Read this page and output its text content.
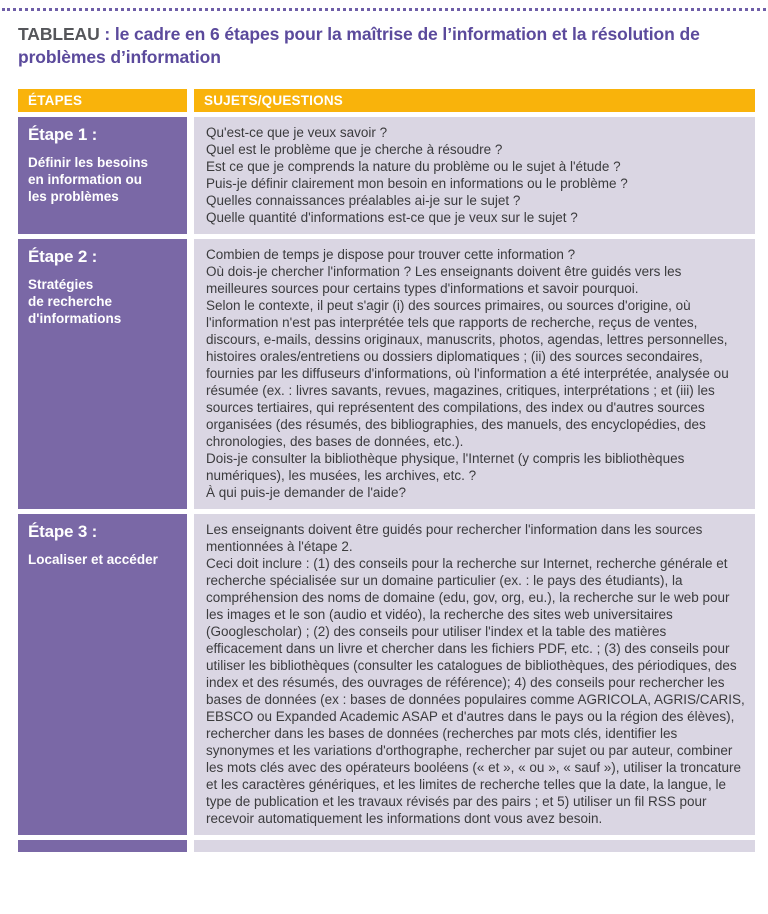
TABLEAU : le cadre en 6 étapes pour la maîtrise de l’information et la résolution de problèmes d’information
ÉTAPES	SUJETS/QUESTIONS
Étape 1 :
Définir les besoins
en information ou
les problèmes
Qu'est-ce que je veux savoir ?
Quel est le problème que je cherche à résoudre ?
Est ce que je comprends la nature du problème ou le sujet à l'étude ?
Puis-je définir clairement mon besoin en informations ou le problème ?
Quelles connaissances préalables ai-je sur le sujet ?
Quelle quantité d'informations est-ce que je veux sur le sujet ?
Étape 2 :
Stratégies
de recherche
d'informations
Combien de temps je dispose pour trouver cette information ?
Où dois-je chercher l'information ? Les enseignants doivent être guidés vers les meilleures sources pour certains types d'informations et savoir pourquoi.
Selon le contexte, il peut s'agir (i) des sources primaires, ou sources d'origine, où l'information n'est pas interprétée tels que rapports de recherche, reçus de ventes, discours, e-mails, dessins originaux, manuscrits, photos, agendas, lettres personnelles, histoires orales/entretiens ou dossiers diplomatiques ; (ii) des sources secondaires, fournies par les diffuseurs d'informations, où l'information a été interprétée, analysée ou résumée (ex. : livres savants, revues, magazines, critiques, interprétations ; et (iii) les sources tertiaires, qui représentent des compilations, des index ou d'autres sources organisées (des résumés, des bibliographies, des manuels, des encyclopédies, des chronologies, des bases de données, etc.).
Dois-je consulter la bibliothèque physique, l'Internet (y compris les bibliothèques numériques), les musées, les archives, etc. ?
À qui puis-je demander de l'aide?
Étape 3 :
Localiser et accéder
Les enseignants doivent être guidés pour rechercher l'information dans les sources mentionnées à l'étape 2.
Ceci doit inclure : (1) des conseils pour la recherche sur Internet, recherche générale et recherche spécialisée sur un domaine particulier (ex. : le pays des étudiants), la compréhension des noms de domaine (edu, gov, org, eu.), la recherche sur le web pour les images et le son (audio et vidéo), la recherche des sites web universitaires (Googlescholar) ; (2) des conseils pour utiliser l'index et la table des matières efficacement dans un livre et chercher dans les fichiers PDF, etc. ; (3) des conseils pour utiliser les bibliothèques (consulter les catalogues de bibliothèques, des périodiques, des index et des résumés, des ouvrages de référence); 4) des conseils pour rechercher les bases de données (ex : bases de données populaires comme AGRICOLA, AGRIS/CARIS, EBSCO ou Expanded Academic ASAP et d'autres dans le pays ou la région des élèves), rechercher dans les bases de données (recherches par mots clés, identifier les synonymes et les variations d'orthographe, rechercher par sujet ou par auteur, combiner les mots clés avec des opérateurs booléens (« et », « ou », « sauf »), utiliser la troncature et les caractères génériques, et les limites de recherche telles que la date, la langue, le type de publication et les travaux révisés par des pairs ; et 5) utiliser un fil RSS pour recevoir automatiquement les informations dont vous avez besoin.
